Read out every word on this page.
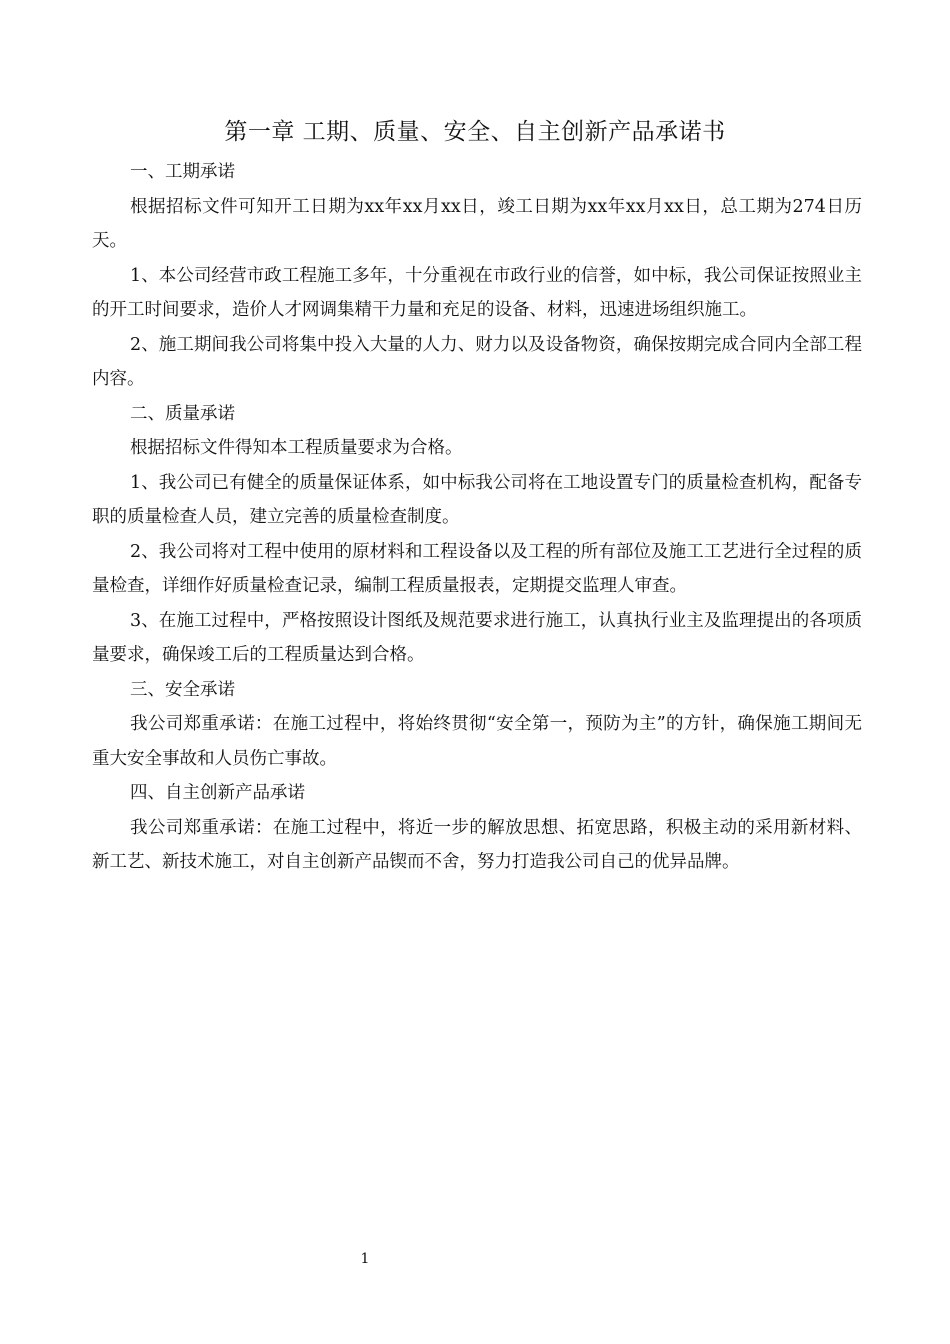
第一章 工期、质量、安全、自主创新产品承诺书

一、工期承诺

根据招标文件可知开工日期为xx年xx月xx日，竣工日期为xx年xx月xx日，总工期为274日历天。

1、本公司经营市政工程施工多年，十分重视在市政行业的信誉，如中标，我公司保证按照业主的开工时间要求，造价人才网调集精干力量和充足的设备、材料，迅速进场组织施工。

2、施工期间我公司将集中投入大量的人力、财力以及设备物资，确保按期完成合同内全部工程内容。

二、质量承诺

根据招标文件得知本工程质量要求为合格。

1、我公司已有健全的质量保证体系，如中标我公司将在工地设置专门的质量检查机构，配备专职的质量检查人员，建立完善的质量检查制度。

2、我公司将对工程中使用的原材料和工程设备以及工程的所有部位及施工工艺进行全过程的质量检查，详细作好质量检查记录，编制工程质量报表，定期提交监理人审查。

3、在施工过程中，严格按照设计图纸及规范要求进行施工，认真执行业主及监理提出的各项质量要求，确保竣工后的工程质量达到合格。

三、安全承诺

我公司郑重承诺：在施工过程中，将始终贯彻“安全第一，预防为主”的方针，确保施工期间无重大安全事故和人员伤亡事故。

四、自主创新产品承诺

我公司郑重承诺：在施工过程中，将近一步的解放思想、拓宽思路，积极主动的采用新材料、新工艺、新技术施工，对自主创新产品锲而不舍，努力打造我公司自己的优异品牌。

1
